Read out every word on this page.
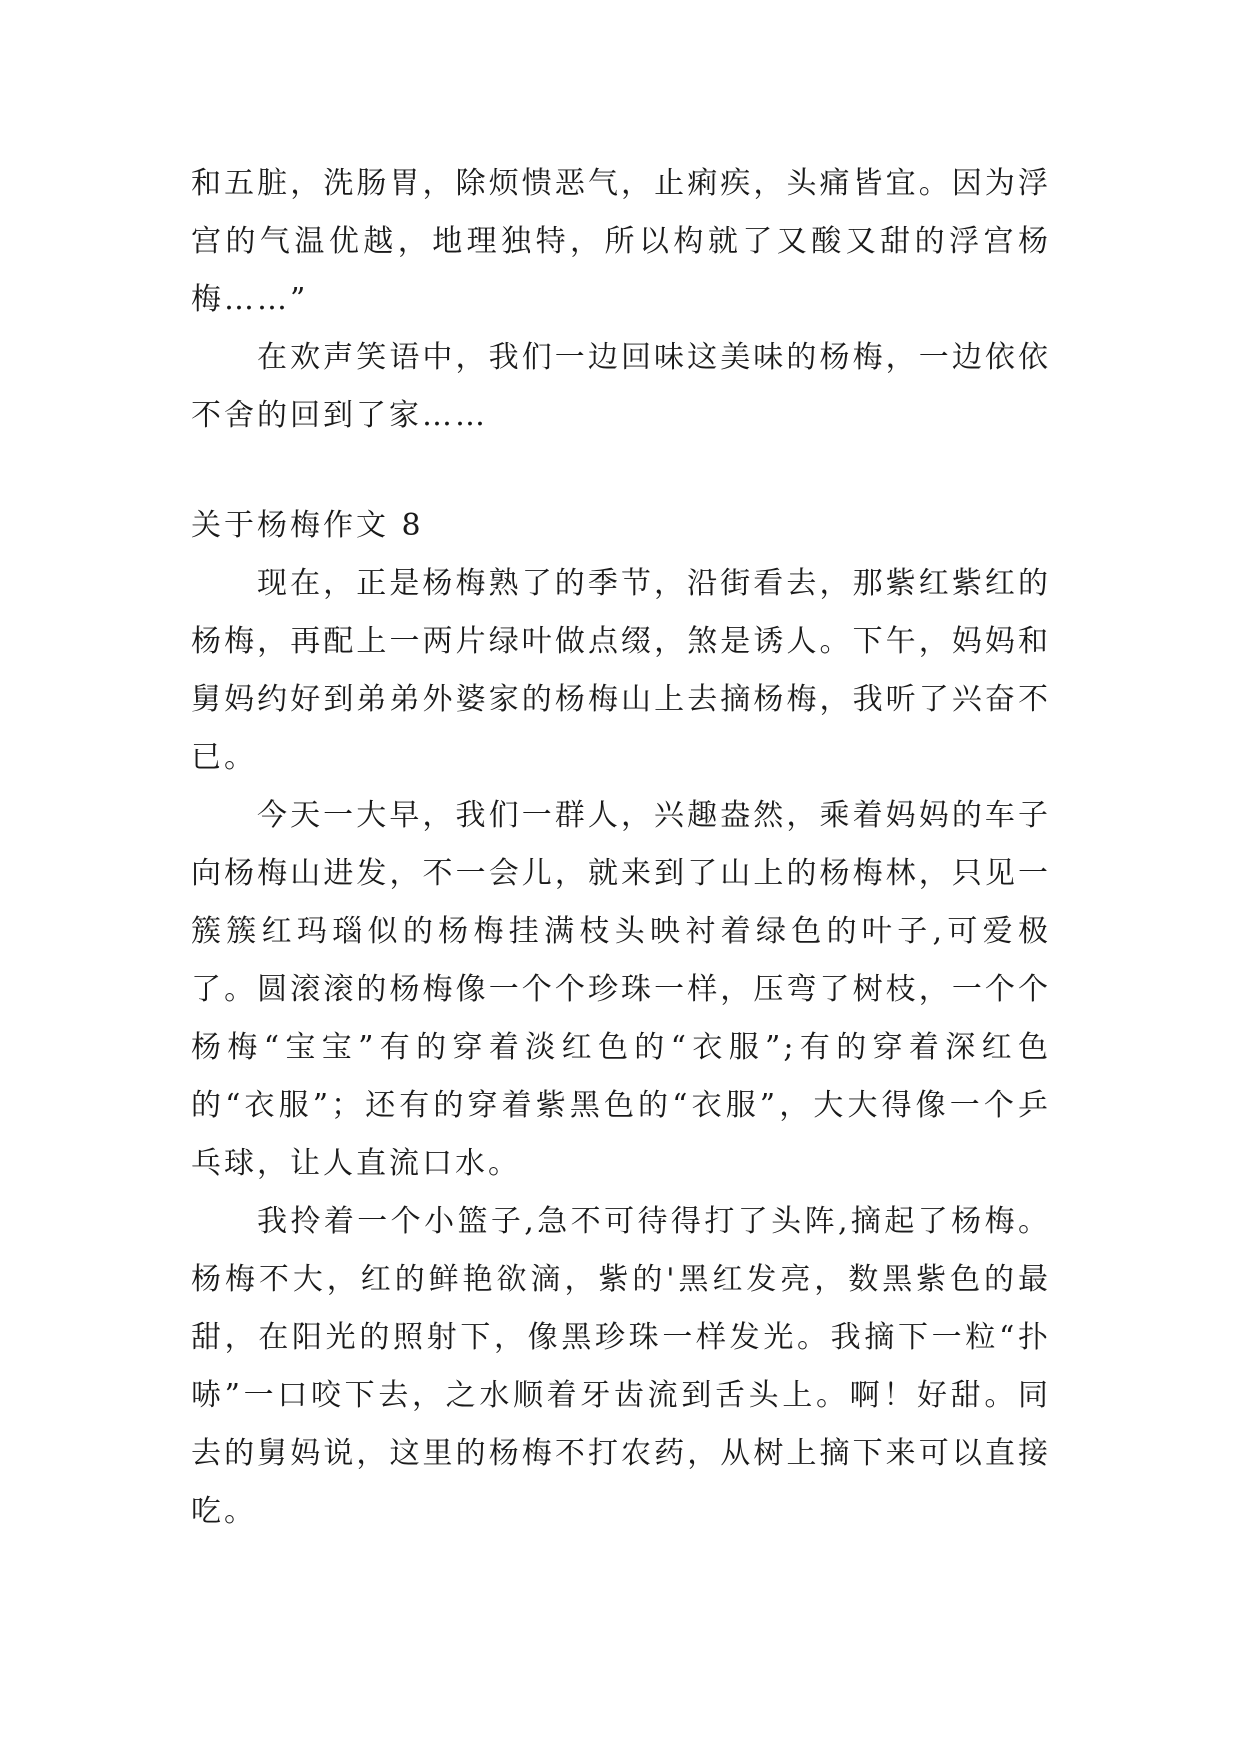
和五脏，洗肠胃，除烦愦恶气，止痢疾，头痛皆宜。因为浮宫的气温优越，地理独特，所以构就了又酸又甜的浮宫杨梅……”

在欢声笑语中，我们一边回味这美味的杨梅，一边依依不舍的回到了家……

关于杨梅作文 8

现在，正是杨梅熟了的季节，沿街看去，那紫红紫红的杨梅，再配上一两片绿叶做点缀，煞是诱人。下午，妈妈和舅妈约好到弟弟外婆家的杨梅山上去摘杨梅，我听了兴奋不已。

今天一大早，我们一群人，兴趣盎然，乘着妈妈的车子向杨梅山进发，不一会儿，就来到了山上的杨梅林，只见一簇簇红玛瑙似的杨梅挂满枝头映衬着绿色的叶子,可爱极了。圆滚滚的杨梅像一个个珍珠一样，压弯了树枝，一个个杨梅“宝宝”有的穿着淡红色的“衣服”;有的穿着深红色的“衣服”；还有的穿着紫黑色的“衣服”，大大得像一个乒乓球，让人直流口水。

我拎着一个小篮子,急不可待得打了头阵,摘起了杨梅。杨梅不大，红的鲜艳欲滴，紫的'黑红发亮，数黑紫色的最甜，在阳光的照射下，像黑珍珠一样发光。我摘下一粒“扑哧”一口咬下去，之水顺着牙齿流到舌头上。啊！好甜。同去的舅妈说，这里的杨梅不打农药，从树上摘下来可以直接吃。
